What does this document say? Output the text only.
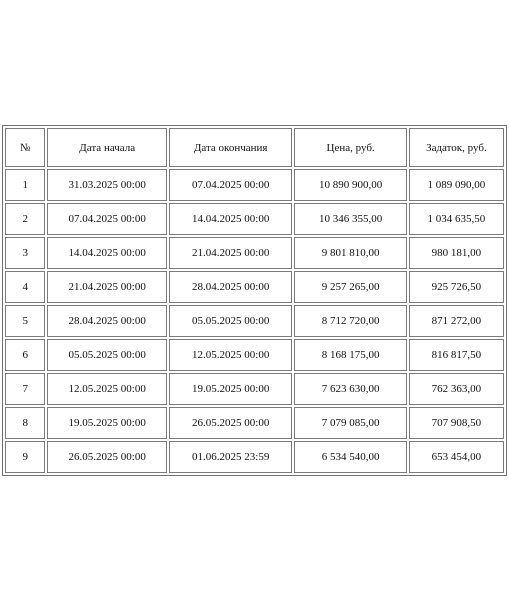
№	Дата начала	Дата окончания	Цена, руб.	Задаток, руб.
1	31.03.2025 00:00	07.04.2025 00:00	10 890 900,00	1 089 090,00
2	07.04.2025 00:00	14.04.2025 00:00	10 346 355,00	1 034 635,50
3	14.04.2025 00:00	21.04.2025 00:00	9 801 810,00	980 181,00
4	21.04.2025 00:00	28.04.2025 00:00	9 257 265,00	925 726,50
5	28.04.2025 00:00	05.05.2025 00:00	8 712 720,00	871 272,00
6	05.05.2025 00:00	12.05.2025 00:00	8 168 175,00	816 817,50
7	12.05.2025 00:00	19.05.2025 00:00	7 623 630,00	762 363,00
8	19.05.2025 00:00	26.05.2025 00:00	7 079 085,00	707 908,50
9	26.05.2025 00:00	01.06.2025 23:59	6 534 540,00	653 454,00
